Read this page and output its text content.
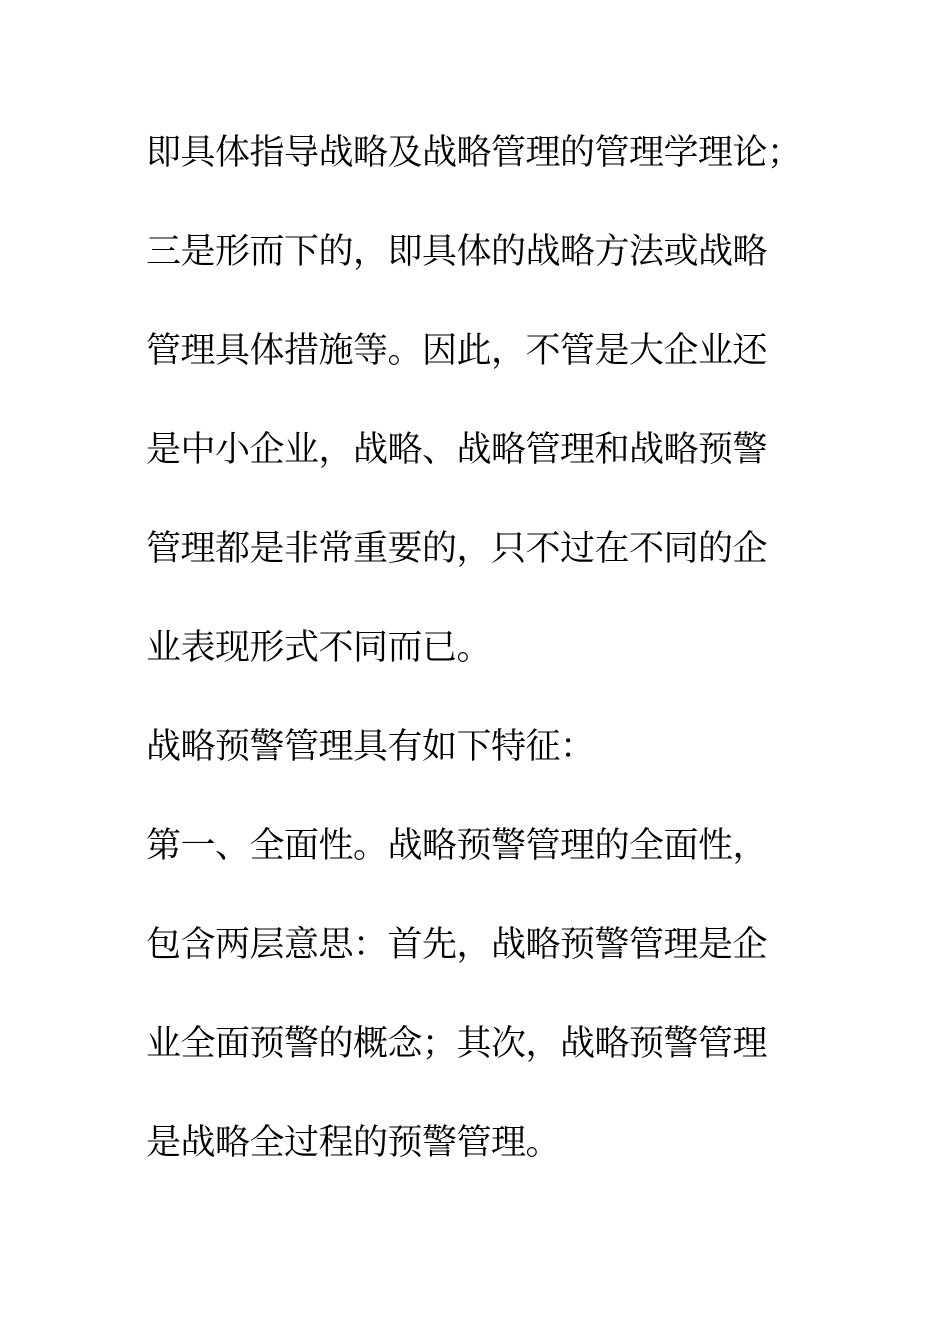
即具体指导战略及战略管理的管理学理论；
三是形而下的，即具体的战略方法或战略
管理具体措施等。因此，不管是大企业还
是中小企业，战略、战略管理和战略预警
管理都是非常重要的，只不过在不同的企
业表现形式不同而已。
战略预警管理具有如下特征：
第一、全面性。战略预警管理的全面性，
包含两层意思：首先，战略预警管理是企
业全面预警的概念；其次，战略预警管理
是战略全过程的预警管理。
